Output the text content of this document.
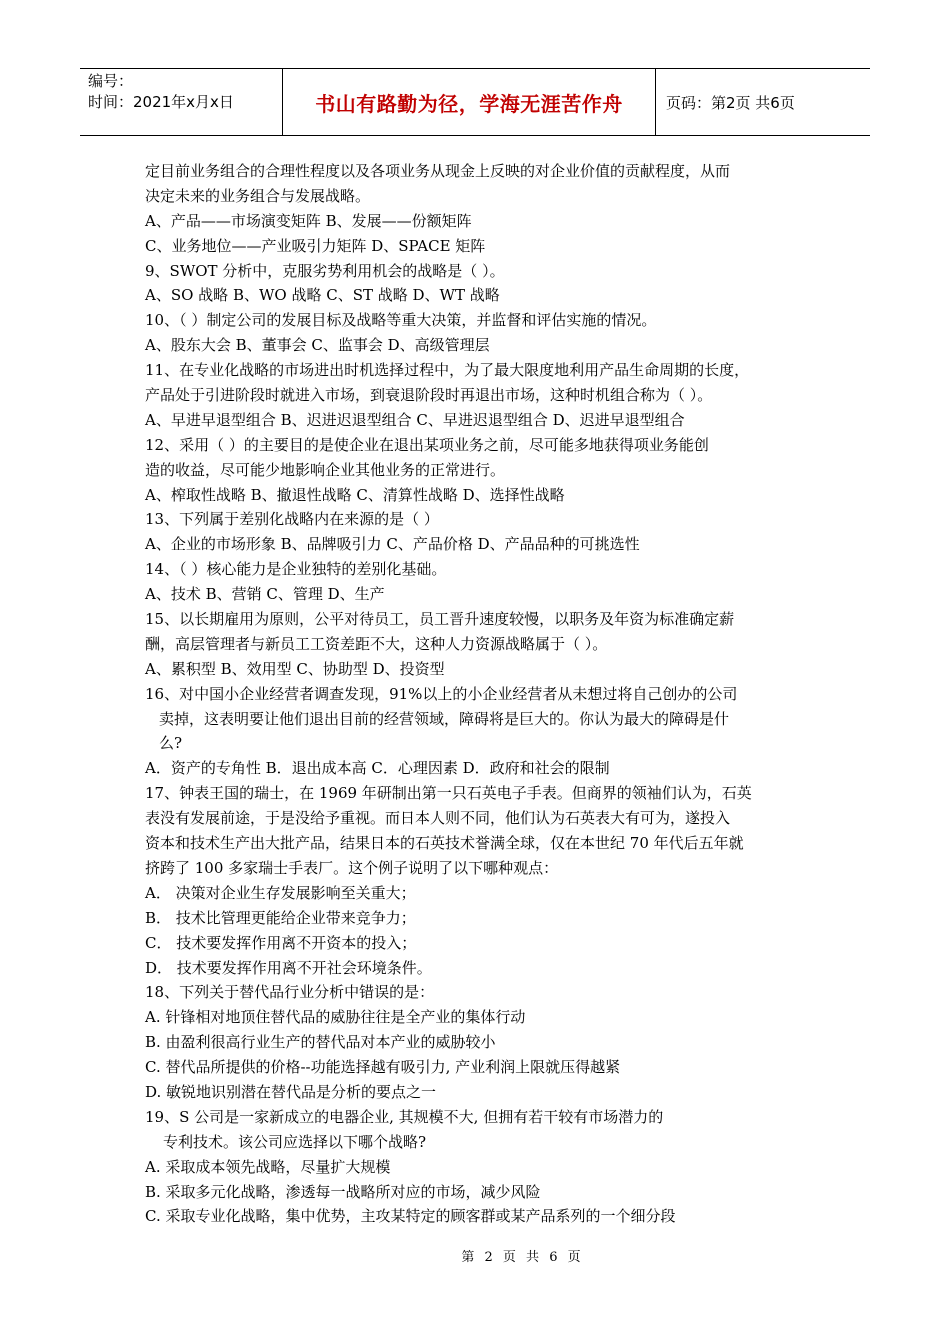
编号：
时间：2021年x月x日	书山有路勤为径，学海无涯苦作舟	页码：第2页 共6页
定目前业务组合的合理性程度以及各项业务从现金上反映的对企业价值的贡献程度，从而
决定未来的业务组合与发展战略。
A、产品——市场演变矩阵 B、发展——份额矩阵
C、业务地位——产业吸引力矩阵 D、SPACE 矩阵
9、SWOT 分析中，克服劣势利用机会的战略是（ ）。
A、SO 战略 B、WO 战略 C、ST 战略 D、WT 战略
10、（ ）制定公司的发展目标及战略等重大决策，并监督和评估实施的情况。
A、股东大会 B、董事会 C、监事会 D、高级管理层
11、在专业化战略的市场进出时机选择过程中，为了最大限度地利用产品生命周期的长度，
产品处于引进阶段时就进入市场，到衰退阶段时再退出市场，这种时机组合称为（ ）。
A、早进早退型组合 B、迟进迟退型组合 C、早进迟退型组合 D、迟进早退型组合
12、采用（ ）的主要目的是使企业在退出某项业务之前，尽可能多地获得项业务能创
造的收益，尽可能少地影响企业其他业务的正常进行。
A、榨取性战略 B、撤退性战略 C、清算性战略 D、选择性战略
13、下列属于差别化战略内在来源的是（ ）
A、企业的市场形象 B、品牌吸引力 C、产品价格 D、产品品种的可挑选性
14、（ ）核心能力是企业独特的差别化基础。
A、技术 B、营销 C、管理 D、生产
15、以长期雇用为原则，公平对待员工，员工晋升速度较慢，以职务及年资为标准确定薪
酬，高层管理者与新员工工资差距不大，这种人力资源战略属于（ ）。
A、累积型 B、效用型 C、协助型 D、投资型
16、对中国小企业经营者调查发现，91%以上的小企业经营者从未想过将自己创办的公司
卖掉，这表明要让他们退出目前的经营领域，障碍将是巨大的。你认为最大的障碍是什
么?
A．资产的专角性 B．退出成本高 C．心理因素 D．政府和社会的限制
17、钟表王国的瑞士，在 1969 年研制出第一只石英电子手表。但商界的领袖们认为，石英
表没有发展前途，于是没给予重视。而日本人则不同，他们认为石英表大有可为，遂投入
资本和技术生产出大批产品，结果日本的石英技术誉满全球，仅在本世纪 70 年代后五年就
挤跨了 100 多家瑞士手表厂。这个例子说明了以下哪种观点：
A． 决策对企业生存发展影响至关重大；
B． 技术比管理更能给企业带来竞争力；
C． 技术要发挥作用离不开资本的投入；
D． 技术要发挥作用离不开社会环境条件。
18、下列关于替代品行业分析中错误的是：
A. 针锋相对地顶住替代品的威胁往往是全产业的集体行动
B. 由盈利很高行业生产的替代品对本产业的威胁较小
C. 替代品所提供的价格--功能选择越有吸引力, 产业利润上限就压得越紧
D. 敏锐地识别潜在替代品是分析的要点之一
19、S 公司是一家新成立的电器企业, 其规模不大, 但拥有若干较有市场潜力的
专利技术。该公司应选择以下哪个战略?
A. 采取成本领先战略，尽量扩大规模
B. 采取多元化战略，渗透每一战略所对应的市场，减少风险
C. 采取专业化战略，集中优势，主攻某特定的顾客群或某产品系列的一个细分段
第 2 页 共 6 页
